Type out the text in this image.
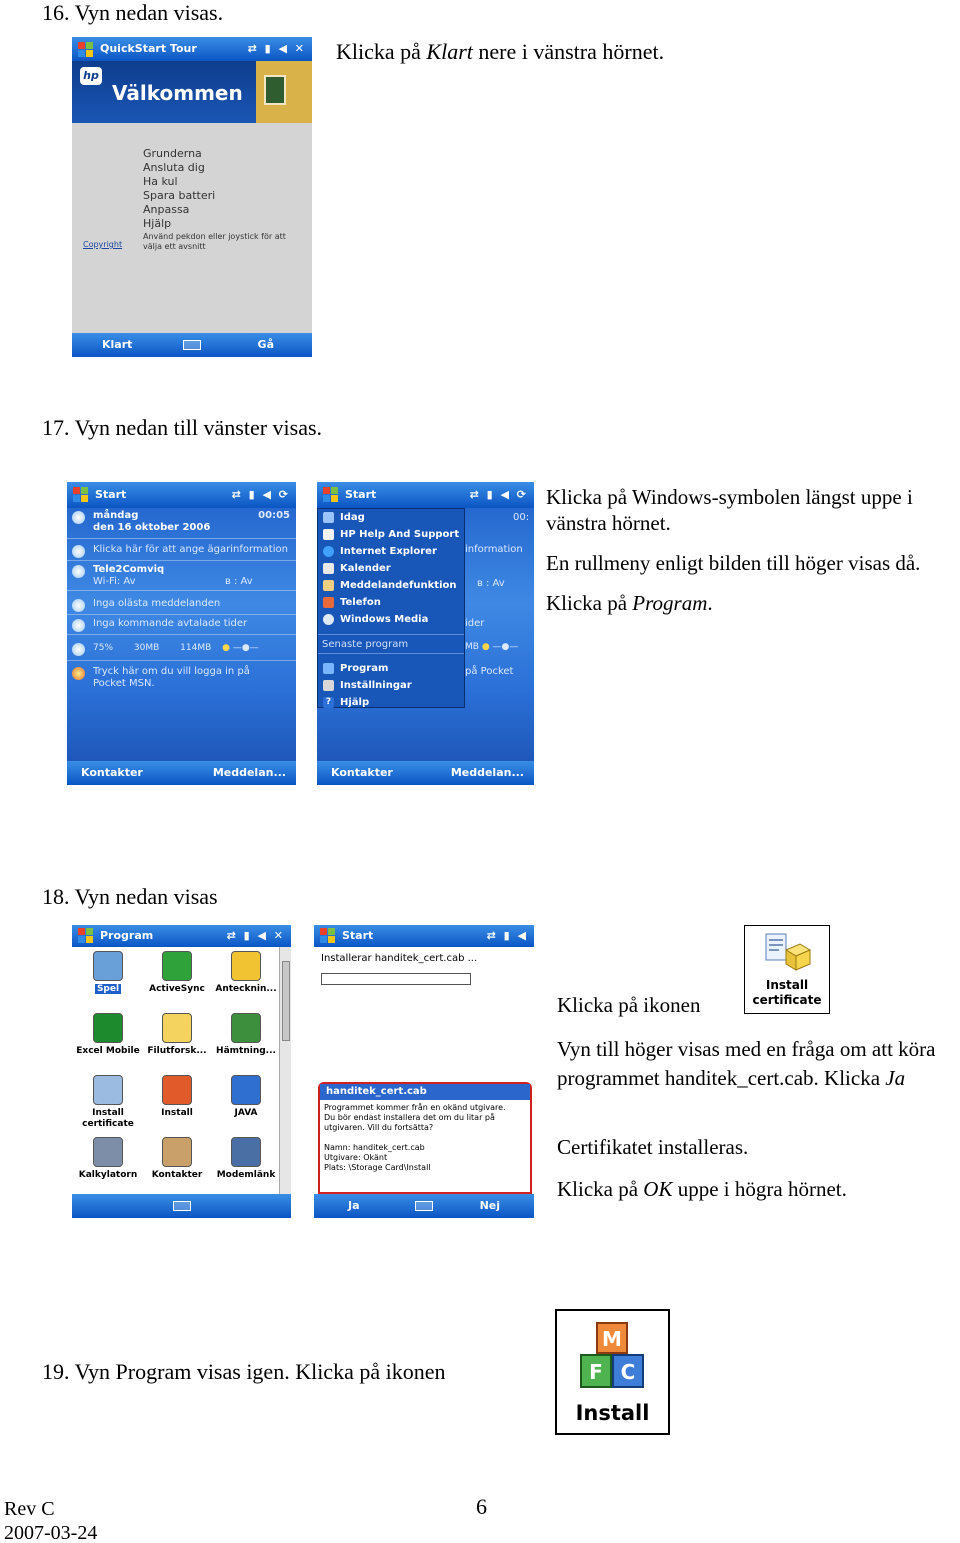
16. Vyn nedan visas.
QuickStart Tour	⇄ ▮ ◀ ✕
hp
Välkommen
Grunderna
Ansluta dig
Ha kul
Spara batteri
Anpassa
Hjälp
Använd pekdon eller joystick för att välja ett avsnitt
Copyright
Klart	Gå
Klicka på Klart nere i vänstra hörnet.
17. Vyn nedan till vänster visas.
Start	⇄ ▮ ◀ ⟳
måndag	00:05

den 16 oktober 2006
Klicka här för att ange ägarinformation
Tele2Comviq
Wi-Fi: Av	ʙ : Av
Inga olästa meddelanden
Inga kommande avtalade tider
75% 30MB 114MB ● —●—
Tryck här om du vill logga in på Pocket MSN.
Kontakter	Meddelan...
Start	⇄ ▮ ◀ ⟳
00:
information
ʙ : Av
ider
MB ● —●—
på Pocket
Idag
HP Help And Support
Internet Explorer
Kalender
Meddelandefunktion
Telefon
Windows Media
Senaste program
Program
Inställningar
? Hjälp
Kontakter	Meddelan...

Klicka på Windows-symbolen längst uppe i vänstra hörnet.

En rullmeny enligt bilden till höger visas då.

Klicka på Program.

18. Vyn nedan visas
Program	⇄ ▮ ◀ ✕
Spel	ActiveSync	Antecknin...
Excel Mobile Filutforsk...	Hämtning...
Install certificate
Install	JAVA
Kalkylatorn	Kontakter	Modemlänk
Start	⇄ ▮ ◀
Installerar handitek_cert.cab ...
handitek_cert.cab
Programmet kommer från en okänd utgivare.
Du bör endast installera det om du litar på utgivaren. Vill du fortsätta?
Namn: handitek_cert.cab
Utgivare: Okänt
Plats: \Storage Card\Install
Ja	Nej
Install
certificate
Klicka på ikonen
Vyn till höger visas med en fråga om att köra programmet handitek_cert.cab. Klicka Ja
Certifikatet installeras.
Klicka på OK uppe i högra hörnet.
19. Vyn Program visas igen. Klicka på ikonen
M
F C
Install
Rev C
2007-03-24
6
